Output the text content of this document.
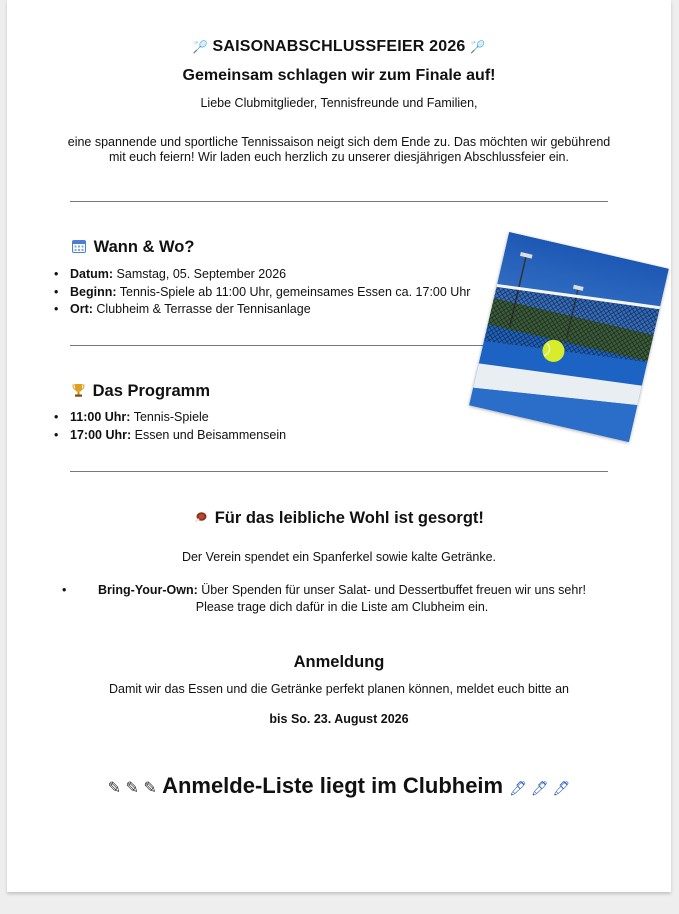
🏸 SAISONABSCHLUSSFEIER 2026 🏸
Gemeinsam schlagen wir zum Finale auf!
Liebe Clubmitglieder, Tennisfreunde und Familien,
eine spannende und sportliche Tennissaison neigt sich dem Ende zu. Das möchten wir gebührend mit euch feiern! Wir laden euch herzlich zu unserer diesjährigen Abschlussfeier ein.
Wann & Wo?
• Datum: Samstag, 05. September 2026
• Beginn: Tennis-Spiele ab 11:00 Uhr, gemeinsames Essen ca. 17:00 Uhr
• Ort: Clubheim & Terrasse der Tennisanlage
Das Programm
• 11:00 Uhr: Tennis-Spiele
• 17:00 Uhr: Essen und Beisammensein
Für das leibliche Wohl ist gesorgt!
Der Verein spendet ein Spanferkel sowie kalte Getränke.
•	Bring-Your-Own: Über Spenden für unser Salat- und Dessertbuffet freuen wir uns sehr!
Please trage dich dafür in die Liste am Clubheim ein.
Anmeldung
Damit wir das Essen und die Getränke perfekt planen können, meldet euch bitte an
bis So. 23. August 2026
✎ ✎ ✎ Anmelde-Liste liegt im Clubheim 🖊 🖊 🖊
